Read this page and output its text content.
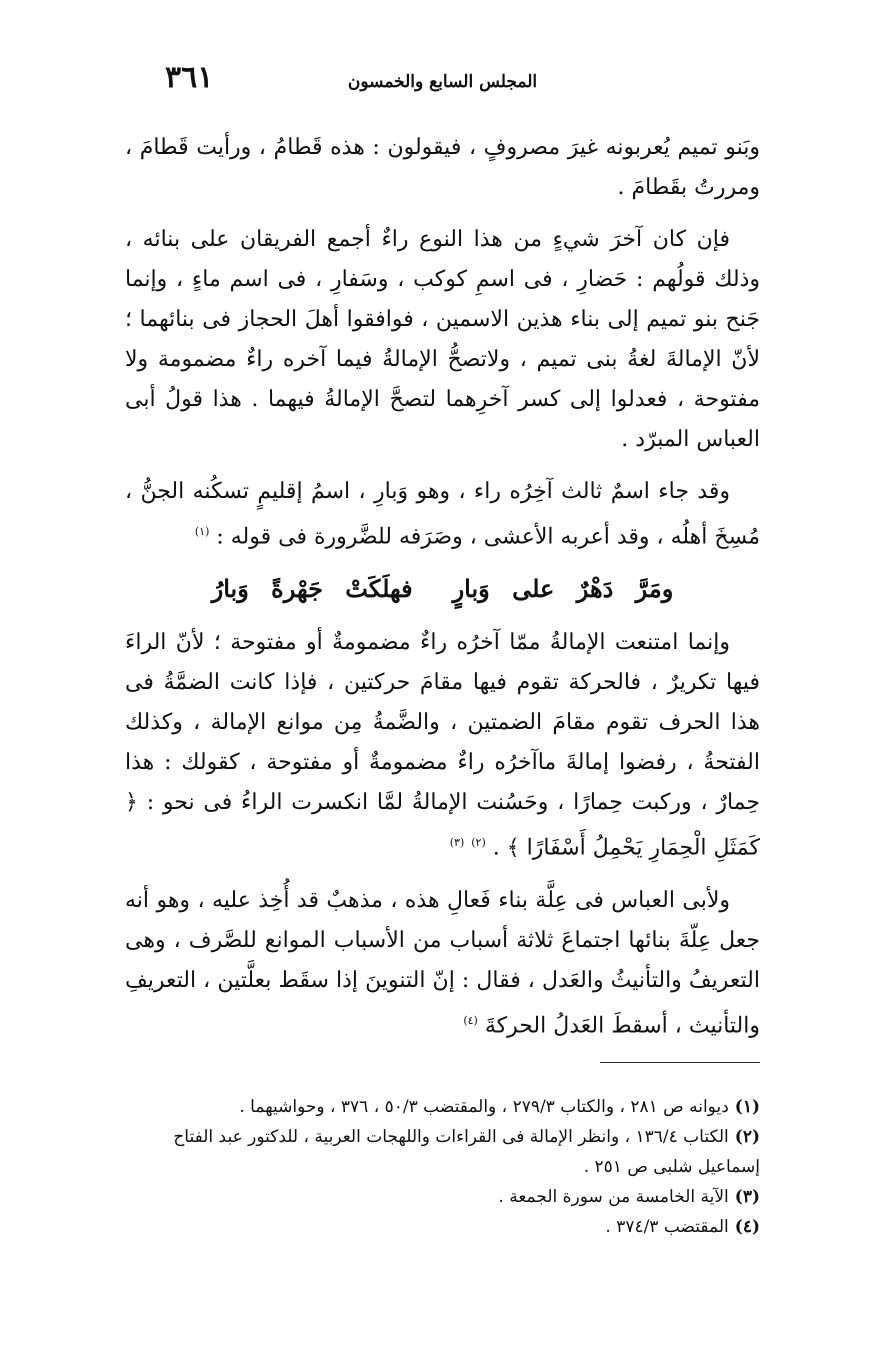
٣٦١	المجلس السابع والخمسون

وبَنو تميم يُعربونه غيرَ مصروفٍ ، فيقولون : هذه قَطامُ ، ورأيت قَطامَ ، ومررتُ بقَطامَ .

فإن كان آخرَ شيءٍ من هذا النوع راءٌ أجمع الفريقان على بنائه ، وذلك قولُهم : حَضارِ ، فى اسمِ كوكب ، وسَفارِ ، فى اسم ماءٍ ، وإنما جَنح بنو تميم إلى بناء هذين الاسمين ، فوافقوا أهلَ الحجاز فى بنائهما ؛ لأنّ الإمالةَ لغةُ بنى تميم ، ولاتصحُّ الإمالةُ فيما آخره راءٌ مضمومة ولا مفتوحة ، فعدلوا إلى كسر آخرِهما لتصحَّ الإمالةُ فيهما . هذا قولُ أبى العباس المبرّد .

وقد جاء اسمٌ ثالث آخِرُه راء ، وهو وَبارِ ، اسمُ إقليمٍ تسكُنه الجنُّ ، مُسِخَ أهلُه ، وقد أعربه الأعشى ، وصَرَفه للضَّرورة فى قوله : $^{(١)}$

ومَرَّ دَهْرٌ على وَبارٍفهلَكَتْ جَهْرةً وَبارُ

وإنما امتنعت الإمالةُ ممّا آخرُه راءٌ مضمومةٌ أو مفتوحة ؛ لأنّ الراءَ فيها تكريرٌ ، فالحركة تقوم فيها مقامَ حركتين ، فإذا كانت الضمَّةُ فى هذا الحرف تقوم مقامَ الضمتين ، والضَّمةُ مِن موانع الإمالة ، وكذلك الفتحةُ ، رفضوا إمالةَ ماآخرُه راءٌ مضمومةٌ أو مفتوحة ، كقولك : هذا حِمارٌ ، وركبت حِمارًا ، وحَسُنت الإمالةُ لمَّا انكسرت الراءُ فى نحو : ﴿ كَمَثَلِ الْحِمَارِ يَحْمِلُ أَسْفَارًا ﴾ . $^{(٢)}$ $^{(٣)}$

ولأبى العباس فى عِلَّة بناء فَعالِ هذه ، مذهبٌ قد أُخِذ عليه ، وهو أنه جعل عِلّةَ بنائها اجتماعَ ثلاثة أسباب من الأسباب الموانع للصَّرف ، وهى التعريفُ والتأنيثُ والعَدل ، فقال : إنّ التنوينَ إذا سقَط بعلَّتين ، التعريفِ والتأنيث ، أسقطَ العَدلُ الحركةَ $^{(٤)}$

(١)ديوانه ص ٢٨١ ، والكتاب ٢٧٩/٣ ، والمقتضب ٥٠/٣ ، ٣٧٦ ، وحواشيهما .

(٢)الكتاب ١٣٦/٤ ، وانظر الإمالة فى القراءات واللهجات العربية ، للدكتور عبد الفتاح إسماعيل شلبى ص ٢٥١ .

(٣)الآية الخامسة من سورة الجمعة .

(٤)المقتضب ٣٧٤/٣ .
